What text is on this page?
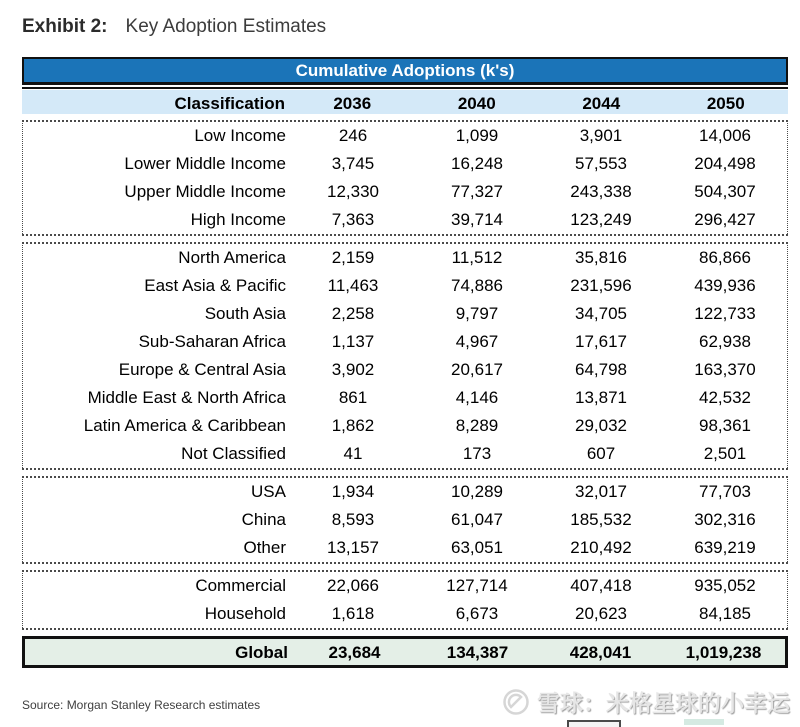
Exhibit 2: Key Adoption Estimates
Cumulative Adoptions (k's)
Classification	2036	2040	2044	2050
Low Income	246	1,099	3,901	14,006
Lower Middle Income	3,745	16,248	57,553	204,498
Upper Middle Income	12,330	77,327	243,338	504,307
High Income	7,363	39,714	123,249	296,427
North America	2,159	11,512	35,816	86,866
East Asia & Pacific	11,463	74,886	231,596	439,936
South Asia	2,258	9,797	34,705	122,733
Sub-Saharan Africa	1,137	4,967	17,617	62,938
Europe & Central Asia	3,902	20,617	64,798	163,370
Middle East & North Africa	861	4,146	13,871	42,532
Latin America & Caribbean	1,862	8,289	29,032	98,361
Not Classified	41	173	607	2,501
USA	1,934	10,289	32,017	77,703
China	8,593	61,047	185,532	302,316
Other	13,157	63,051	210,492	639,219
Commercial	22,066	127,714	407,418	935,052
Household	1,618	6,673	20,623	84,185
Global	23,684	134,387	428,041	1,019,238
Source: Morgan Stanley Research estimates	雪球：米格星球的小幸运
